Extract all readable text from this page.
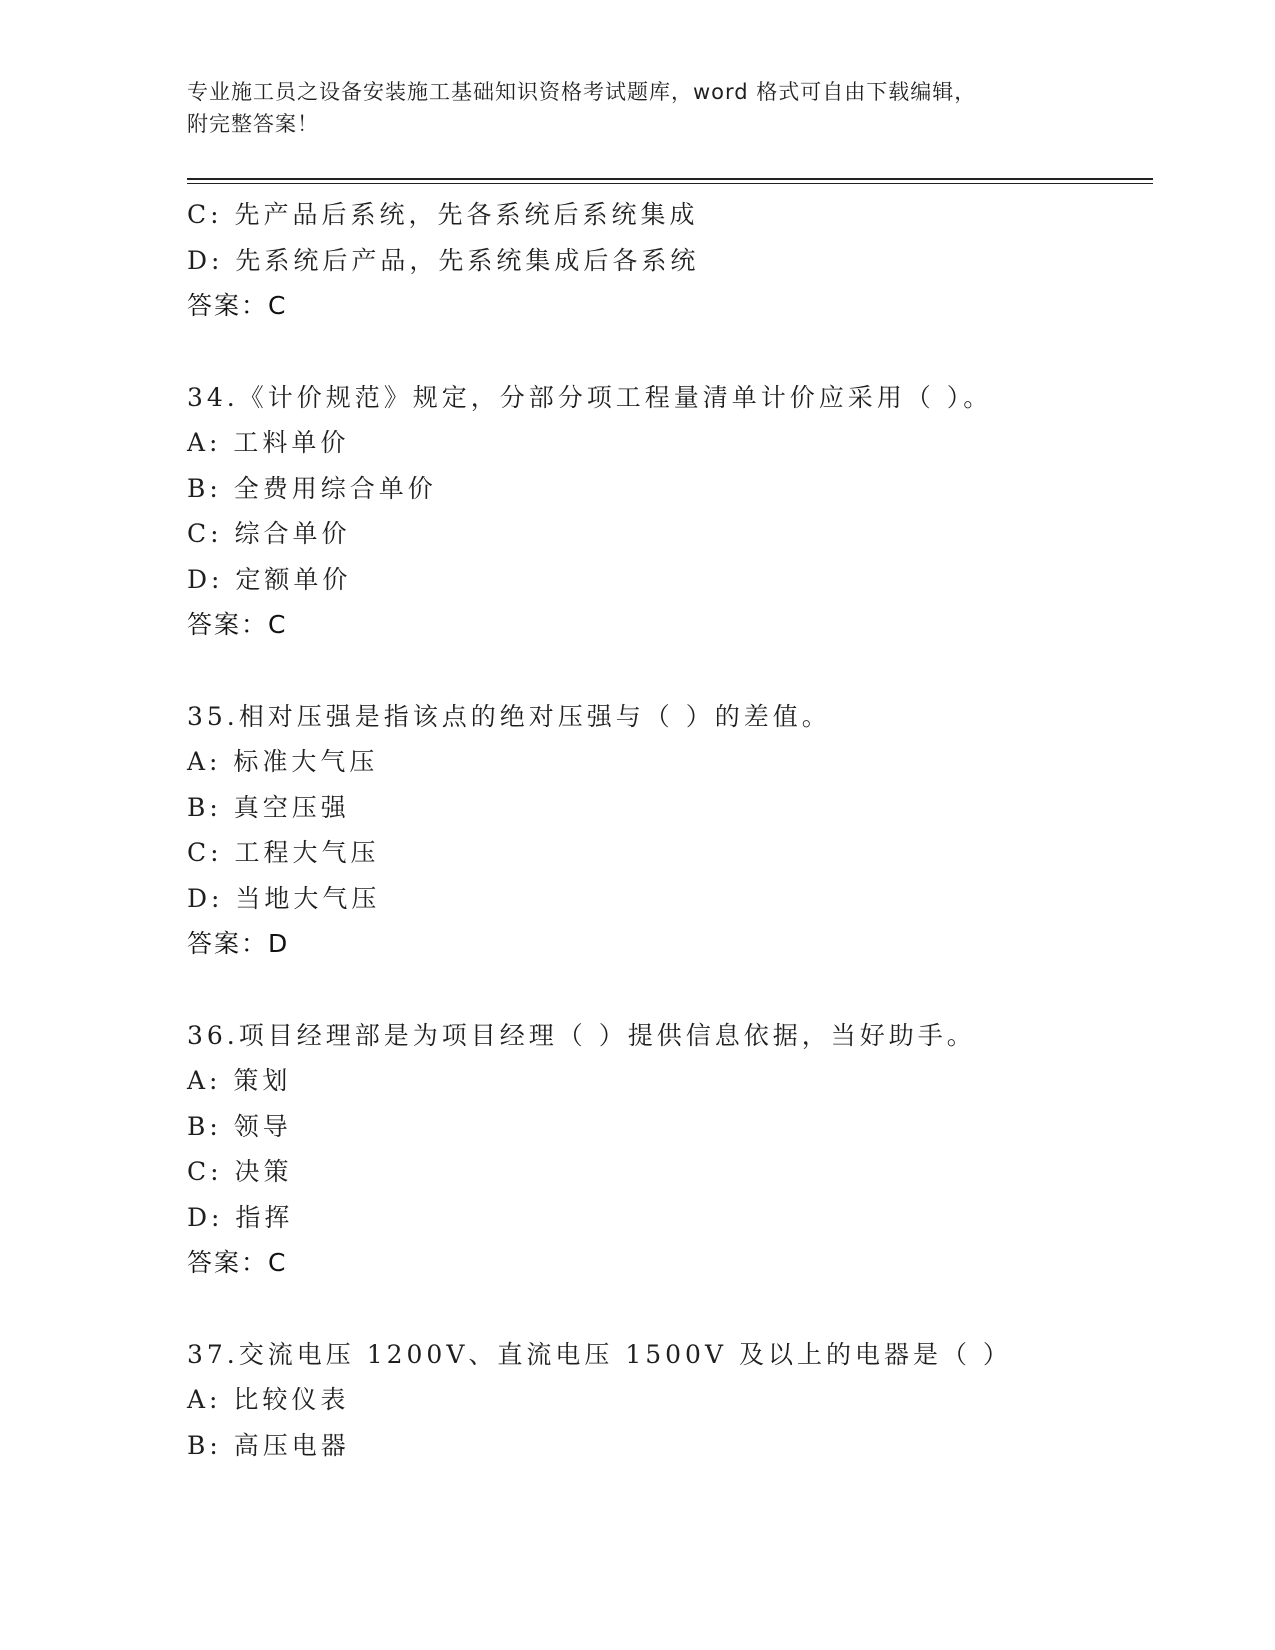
专业施工员之设备安装施工基础知识资格考试题库，word 格式可自由下载编辑，
附完整答案！
C: 先产品后系统，先各系统后系统集成
D: 先系统后产品，先系统集成后各系统
答案：C
34.《计价规范》规定，分部分项工程量清单计价应采用（ ）。
A: 工料单价
B: 全费用综合单价
C: 综合单价
D: 定额单价
答案：C
35.相对压强是指该点的绝对压强与（ ）的差值。
A: 标准大气压
B: 真空压强
C: 工程大气压
D: 当地大气压
答案：D
36.项目经理部是为项目经理（ ）提供信息依据，当好助手。
A: 策划
B: 领导
C: 决策
D: 指挥
答案：C
37.交流电压 1200V、直流电压 1500V 及以上的电器是（ ）
A: 比较仪表
B: 高压电器
